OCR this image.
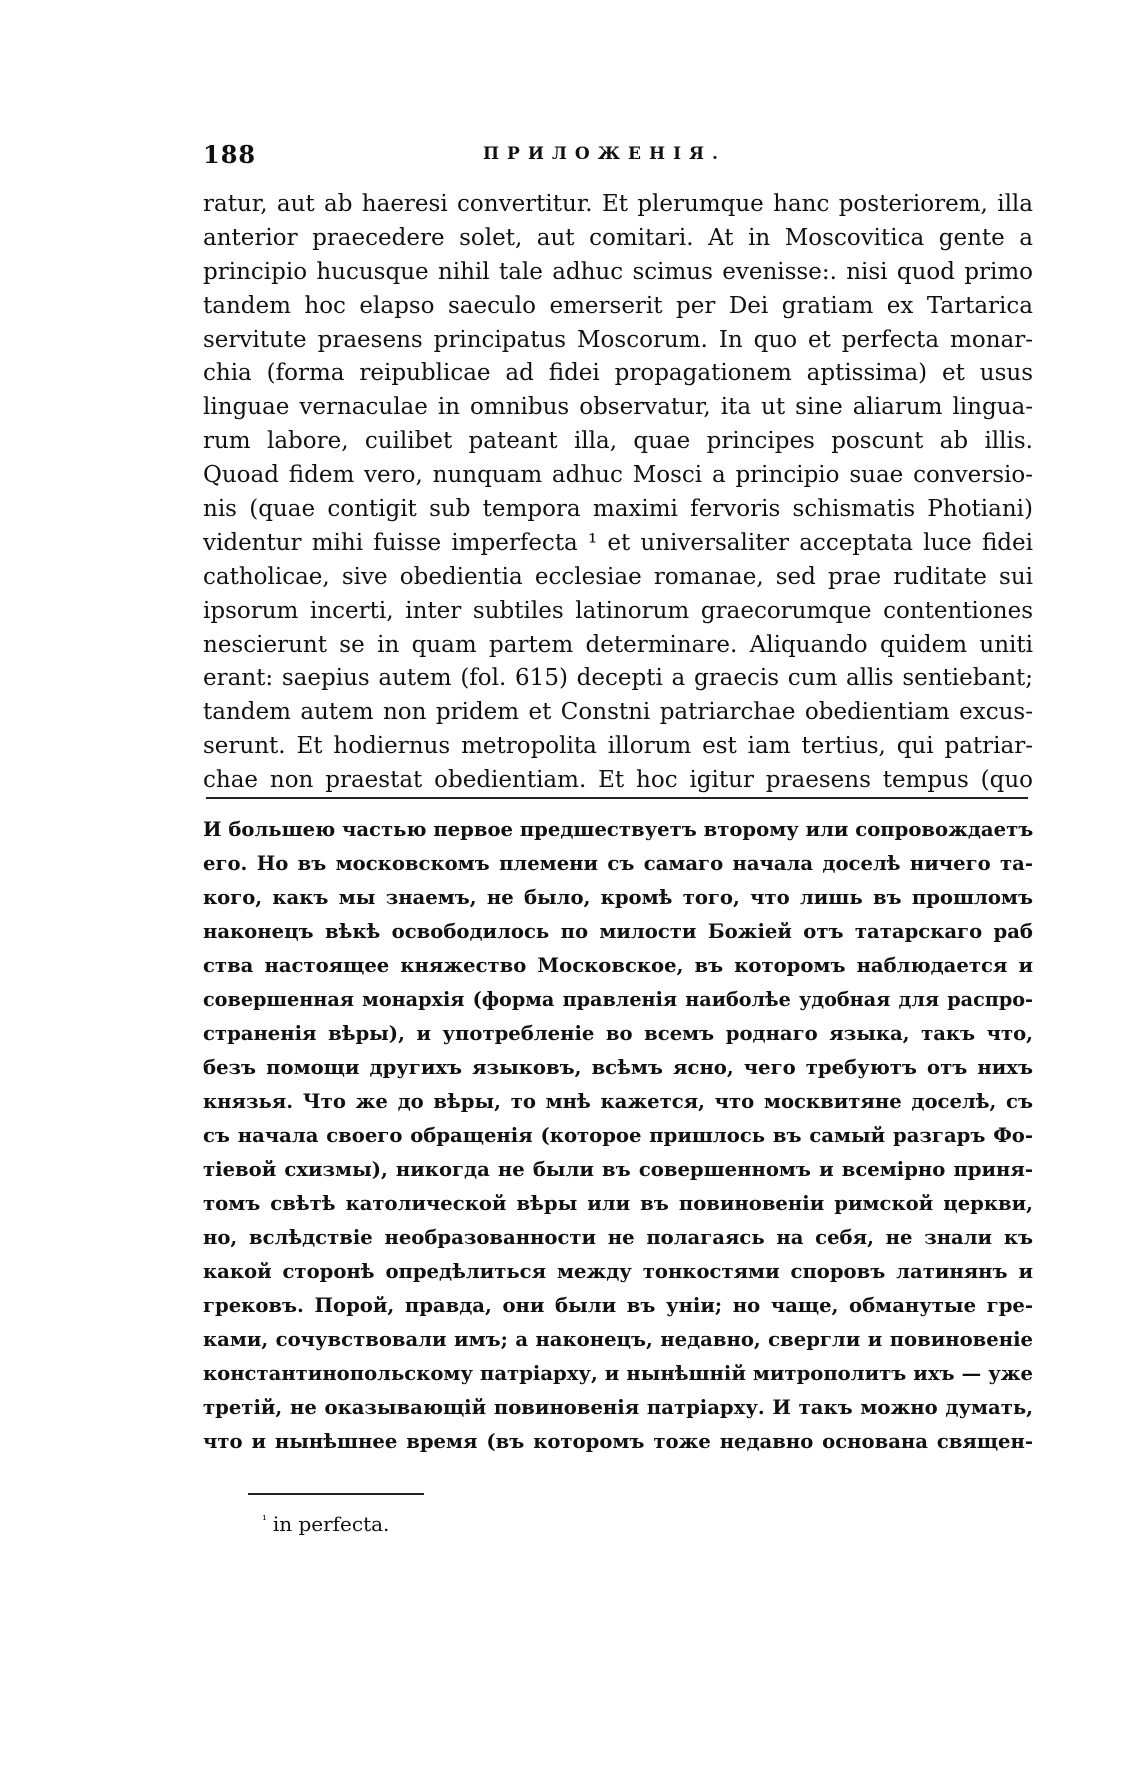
188	ПРИЛОЖЕНІЯ.
ratur, aut ab haeresi convertitur. Et plerumque hanc posteriorem, illa
anterior praecedere solet, aut comitari. At in Moscovitica gente a
principio hucusque nihil tale adhuc scimus evenisse:. nisi quod primo
tandem hoc elapso saeculo emerserit per Dei gratiam ex Tartarica
servitute praesens principatus Moscorum. In quo et perfecta monar-
chia (forma reipublicae ad fidei propagationem aptissima) et usus
linguae vernaculae in omnibus observatur, ita ut sine aliarum lingua-
rum labore, cuilibet pateant illa, quae principes poscunt ab illis.
Quoad fidem vero, nunquam adhuc Mosci a principio suae conversio-
nis (quae contigit sub tempora maximi fervoris schismatis Photiani)
videntur mihi fuisse imperfecta ¹ et universaliter acceptata luce fidei
catholicae, sive obedientia ecclesiae romanae, sed prae ruditate sui
ipsorum incerti, inter subtiles latinorum graecorumque contentiones
nescierunt se in quam partem determinare. Aliquando quidem uniti
erant: saepius autem (fol. 615) decepti a graecis cum allis sentiebant;
tandem autem non pridem et Constni patriarchae obedientiam excus-
serunt. Et hodiernus metropolita illorum est iam tertius, qui patriar-
chae non praestat obedientiam. Et hoc igitur praesens tempus (quo
И большею частью первое предшествуетъ второму или сопровождаетъ
его. Но въ московскомъ племени съ самаго начала доселѣ ничего та-
кого, какъ мы знаемъ, не было, кромѣ того, что лишь въ прошломъ
наконецъ вѣкѣ освободилось по милости Божіей отъ татарскаго раб
ства настоящее княжество Московское, въ которомъ наблюдается и
совершенная монархія (форма правленія наиболѣе удобная для распро-
страненія вѣры), и употребленіе во всемъ роднаго языка, такъ что,
безъ помощи другихъ языковъ, всѣмъ ясно, чего требуютъ отъ нихъ
князья. Что же до вѣры, то мнѣ кажется, что москвитяне доселѣ, съ
съ начала своего обращенія (которое пришлось въ самый разгаръ Фо-
тіевой схизмы), никогда не были въ совершенномъ и всемірно приня-
томъ свѣтѣ католической вѣры или въ повиновеніи римской церкви,
но, вслѣдствіе необразованности не полагаясь на себя, не знали къ
какой сторонѣ опредѣлиться между тонкостями споровъ латинянъ и
грековъ. Порой, правда, они были въ уніи; но чаще, обманутые гре-
ками, сочувствовали имъ; а наконецъ, недавно, свергли и повиновеніе
константинопольскому патріарху, и нынѣшній митрополитъ ихъ — уже
третій, не оказывающій повиновенія патріарху. И такъ можно думать,
что и нынѣшнее время (въ которомъ тоже недавно основана священ-
$^{^1}$ in perfecta.
